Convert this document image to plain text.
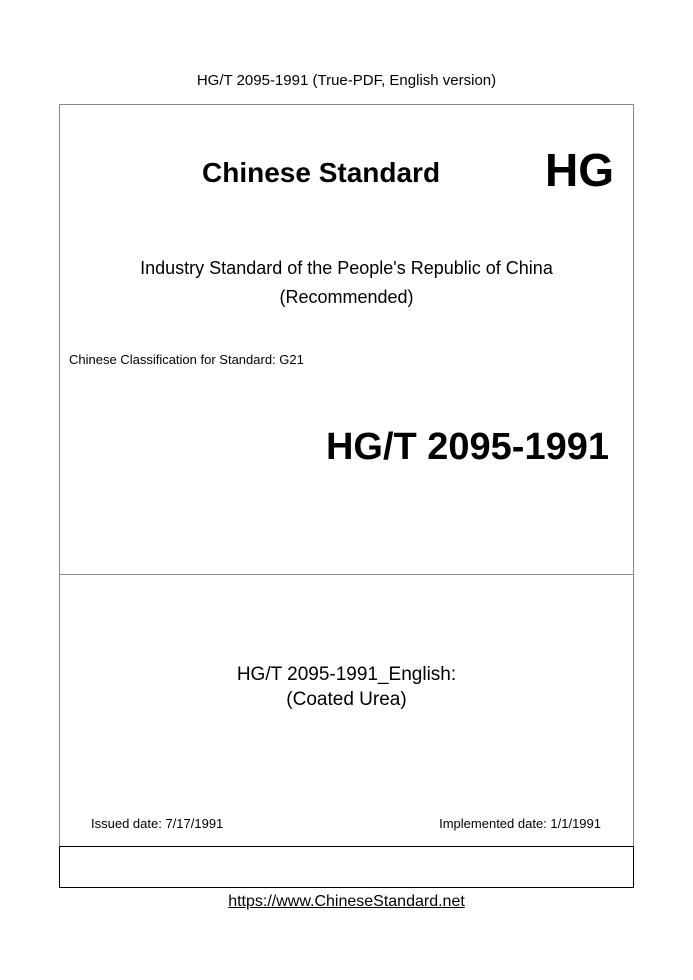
HG/T 2095-1991 (True-PDF, English version)
Chinese Standard HG
Industry Standard of the People's Republic of China
(Recommended)
Chinese Classification for Standard: G21
HG/T 2095-1991
HG/T 2095-1991_English:
(Coated Urea)
Issued date: 7/17/1991	Implemented date: 1/1/1991
https://www.ChineseStandard.net
